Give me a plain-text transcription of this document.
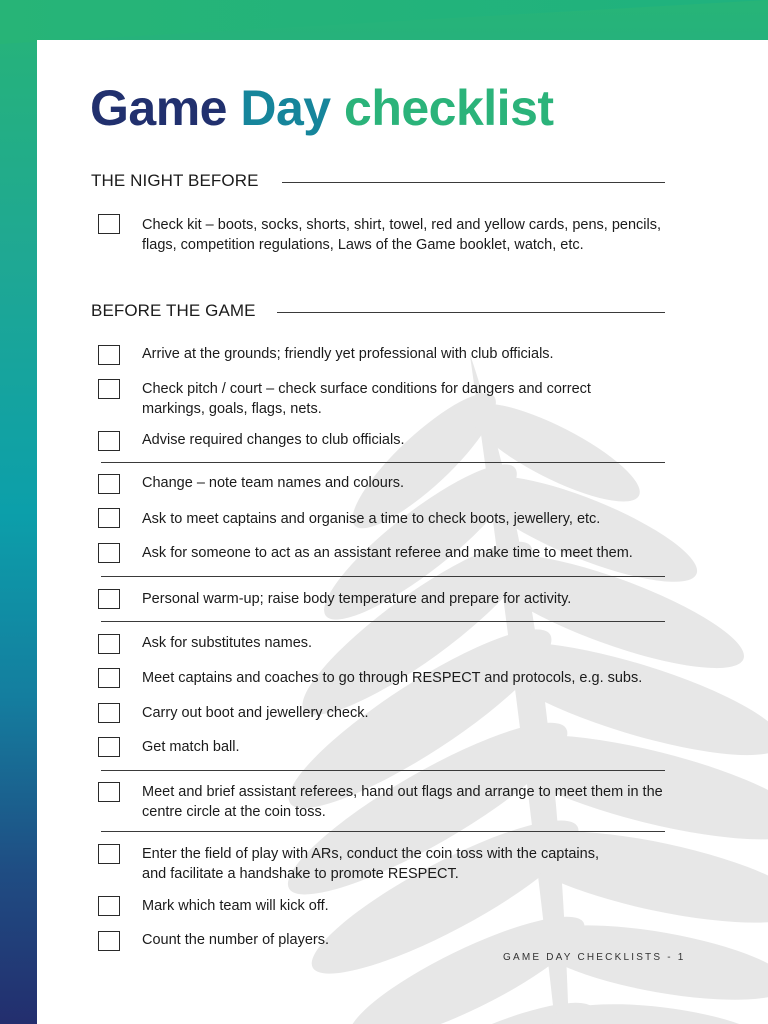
Game Day checklist
THE NIGHT BEFORE
Check kit – boots, socks, shorts, shirt, towel, red and yellow cards, pens, pencils, flags, competition regulations, Laws of the Game booklet, watch, etc.
BEFORE THE GAME
Arrive at the grounds; friendly yet professional with club officials.
Check pitch / court – check surface conditions for dangers and correct markings, goals, flags, nets.
Advise required changes to club officials.
Change – note team names and colours.
Ask to meet captains and organise a time to check boots, jewellery, etc.
Ask for someone to act as an assistant referee and make time to meet them.
Personal warm-up; raise body temperature and prepare for activity.
Ask for substitutes names.
Meet captains and coaches to go through RESPECT and protocols, e.g. subs.
Carry out boot and jewellery check.
Get match ball.
Meet and brief assistant referees, hand out flags and arrange to meet them in the centre circle at the coin toss.
Enter the field of play with ARs, conduct the coin toss with the captains, and facilitate a handshake to promote RESPECT.
Mark which team will kick off.
Count the number of players.
GAME DAY CHECKLISTS - 1
